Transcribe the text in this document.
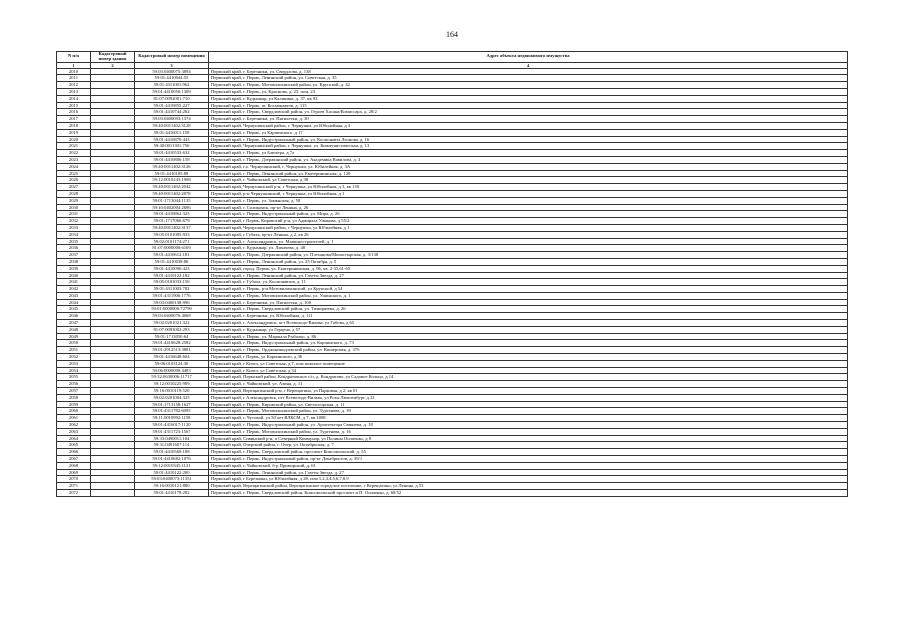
164
N п/п	Кадастровый номер здания	Кадастровый номер помещения	Адрес объекта недвижимого имущества
1	2	3	4
2010		59:03:0400075:3894	Пермский край, г. Березники, ул. Свердлова, д. 138
2011		59:01:4410044:55	Пермский край, г. Пермь, Ленинский район, ул. Советская, д. 35
2012		59:01:4311001:962	Пермский край, г. Пермь, Мотовилихинский район, ул. Крупской, д. 42
2013		59:01:4410050:1309	Пермский край, г. Пермь, ул. Краснова, д. 25, пом. 23
2014		81:07:0092001:710	Пермский край, г. Кудымкар, ул Калинина, д. 37, кв 93
2015		59:01:4410855:227	Пермский край, г. Пермь, ш. Космонавтов, д. 115
2016		59:01:4410744:262	Пермский край, г. Пермь, Свердловский район, ул. Героев Хасана/Комиссара, д. 28/2
2017		59:03:0400093:1374	Пермский край, г. Березники, ул. Пятилетки, д. 30
2018		59:40:0011402:3128	Пермский край, Чернушинский район, г. Чернушка, ул Юбилейная, д 3
2019		59:01:4416011:158	Пермский край, г. Пермь, ул Карпинского, д 17
2020		59:01:4410870:443	Пермский край, г. Пермь, Индустриальный район, ул. Космонавта Леонова, д. 16
2021		59:40:0011301:756	Пермский край, Чернушинский район, г. Чернушка, ул. Коммунистическая, д. 13
2022		59:01:4410533:632	Пермский край, г. Пермь, ул Блюхера, д 7а
2023		59:01:4410806:158	Пермский край, г. Пермь, Дзержинский район, ул. Академика Вавилова, д. 4
2024		59:40:0011402:3126	Пермский край, г.о. Чернушинский, г. Чернушка, ул. Юбилейная, д. 3А
2025		59:01:4410105:88	Пермский край, г. Пермь, Ленинский район, ул. Екатерининская, д. 120
2026		59:12:0010243:1908	Пермский край, г. Чайковский, ул Советская, д 38
2027		59:40:0011402:2042	Пермский край, Чернушинский р-н, г Чернушка, ул Юбилейная, д 3, кв 130
2028		59:40:0011402:2878	Пермский край, р-н Чернушинский, г Чернушка, ул Юбилейная, д 1
2029		59:01:1713044:1135	Пермский край, г. Пермь, ул. Замкнская, д. 58
2030		59:10:0402004:2696	Пермский край, г. Соликамск, пр-кт Ленина, д. 26
2031		59:01:4410862:325	Пермский край, г. Пермь, Индустриальный район, ул. Мира, д. 26
2032		59:01:1717066:679	Пермский край, г Пермь, Кировский р-н, ул Адмирала Ушакова, д 55/2
2033		59:40:0011402:3137	Пермский край, Чернушинский район, г Чернушка, ул Юбилейная, д 1
2034		59:05:0101005:933	Пермский край, г Губаха, пр-кт Ленина, д 2, кв 26
2035		59:02:0101174:271	Пермский край, г. Александровск, ул. Машиностроителей, д. 1
2036		81:07:0000000:6169	Пермский край, г. Кудымкар, ул. Лихачева, д. 48
2037		59:01:4410612:181	Пермский край, г. Пермь, Дзержинский район, ул. Плеханова/Монастырская, д. 3/138
2038		59:01:4410038:86	Пермский край, г. Пермь, Ленинский район, ул. 25 Октября, д. 5
2039		59:01:4410090:423	Пермский край, город. Пермь, ул. Екатерининская, д. 96, кв. 2-35,61-65
2040		59:01:4410122:182	Пермский край, г. Пермь, Ленинский район, ул. Газеты Звезда, д. 27
2041		59:05:0101033:156	Пермский край, г. Губаха, ул. Космонавтов, д. 11
2042		59:01:4311003:782	Пермский край, г. Пермь, р-н Мотовилихинский, ул Крупской, д 54
2043		59:01:4311906:1776	Пермский край, г. Пермь, Мотовилихинский район, ул. Ушинского, д. 1
2044		59:03:0400138:996	Пермский край, г. Березники, ул. Пятилетки, д. 100
2045		59:01:0000000:72790	Пермский край, г. Пермь, Свердловский район, ул. Тимирязева, д. 26
2046		59:03:0400076:4068	Пермский край, г. Березники, ул. Юбилейная, д. 111
2047		59:02:0201021:322	Пермский край, г. Александровск, пгт Всеволодо-Вильва, ул Габова, д 65
2048		81:07:0093002:293	Пермский край, г. Кудымкар, ул Герцена, д 57
2049		59:01:1713050:64	Пермский край, г. Пермь, ул. Маршала Рыбалко, д. 86
2050		59:01:4410628:2582	Пермский край, г. Пермь, Индустриальный район, ул. Карпинского, д. 73
2051		59:01:2912513:3881	Пермский край, г. Пермь, Орджоникидзевский район, ул. Вишерская, д. 37б
2052		59:01:4416648:604	Пермский край, г Пермь, ул Карпинского, д 36
2053		59:06:0103124:30	Пермский край, г Кизел, ул Советская, д 7, пом нежилое помещение
2054		59:06:0000000:4483	Пермский край, г Кизел, ул Советская, д 34
2055		59:32:0630006:11717	Пермский край, Пермский район, Кондратовское с/п, д. Кондратово, ул Садовое Кольцо, д 14
2056		59:12:0010225:989	Пермский край, г. Чайковский, ул. Азина, д. 11
2057		59:16:0010119:520	Пермский край, Верещагинский р-н, г Верещагино, ул Парковая, д 2, кв 01
2058		59:02:0201004:325	Пермский край, г Александровск, пгт Всеволодо-Вильва, ул Розы Люксембург, д 21
2059		59:01:1713158:1627	Пермский край, г. Пермь, Кировский район, ул. Светлогорская, д. 11
2060		59:01:4311782:6095	Пермский край, г. Пермь, Мотовилихинский район, ул. Тургенева, д. 39
2061		59:11:0010992:1158	Пермский край, г. Чусовой, ул 50 лет ВЛКСМ, д 7, кв 1008
2062		59:01:4416017:1120	Пермский край, г. Пермь, Индустриальный район, ул. Архитектора Свиязева, д. 18
2063		59:01:4311723:1567	Пермский край, г. Пермь, Мотовилихинский район, ул. Тургенева, д. 16
2064		59:33:0490011:104	Пермский край, Сивинский р-н, п Северный Коммунар, ул Полины Осипенко, д 8
2065		59:31:0491607:114	Пермский край, Очерский район, г. Очер, ул. Октябрьская, д. 7
2066		59:01:4410569:188	Пермский край, г. Пермь, Свердловский район, проспект Комсомольский, д. 55
2067		59:01:4410682:1076	Пермский край, г. Пермь, Индустриальный район, пр-кт Декабристов, д. 39/1
2068		59:12:0010345:1121	Пермский край, г. Чайковский, б-р Приморский, д. 61
2069		59:01:4410122:200	Пермский край, г. Пермь, Ленинский район, ул. Газеты Звезда, д. 27
2070		59:03:0400073:11351	Пермский край, г Березники, ул Юбилейная, д 28, пом 1,2,3,4,5,6,7,8,9
2071		59:16:0010121:880	Пермский край, Верещагинский район, Верещагинское городское поселение, г Верещагино, ул Ленина, д 53
2072		59:01:4410178:282	Пермский край, г. Пермь, Свердловский район, Комсомольский проспект и П. Осипенко, д. 68/52
